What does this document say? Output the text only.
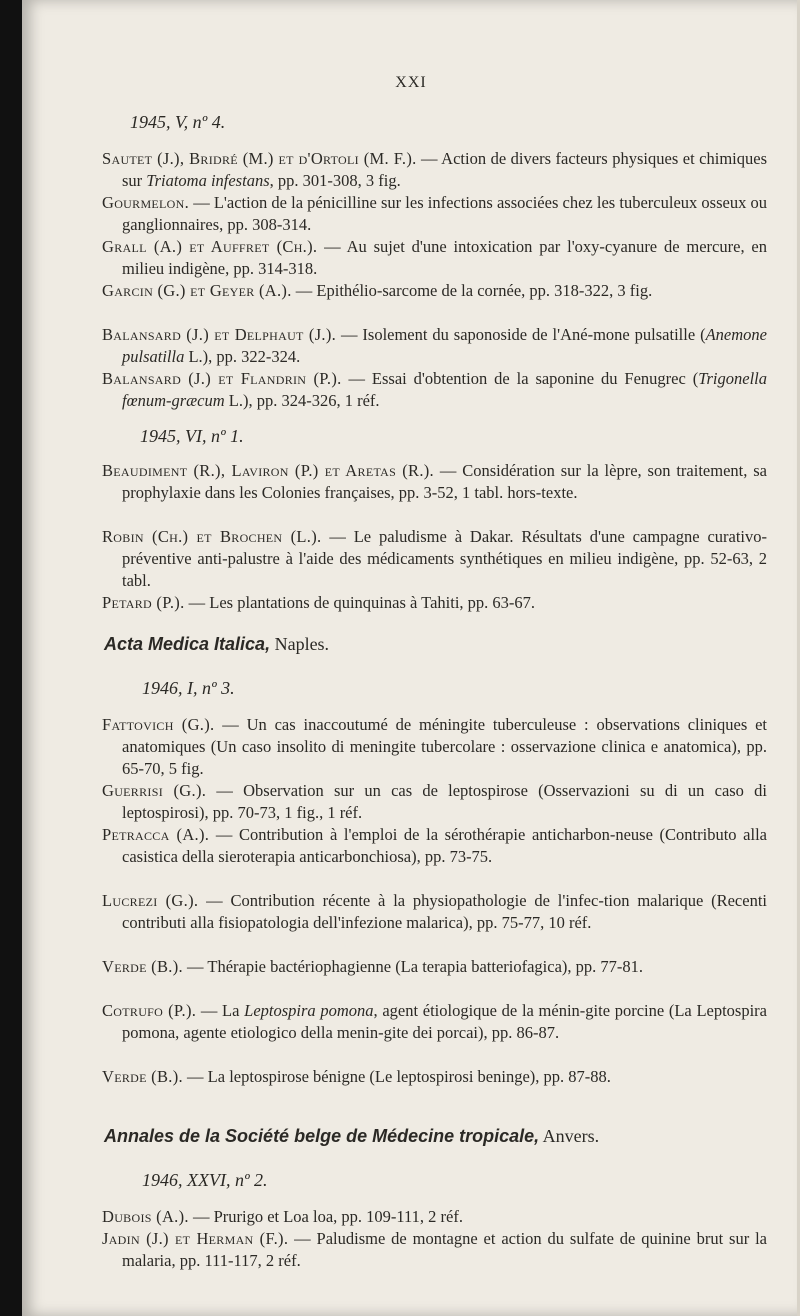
XXI
1945, V, nº 4.
Sautet (J.), Bridré (M.) et d'Ortoli (M. F.). — Action de divers facteurs physiques et chimiques sur Triatoma infestans, pp. 301-308, 3 fig.
Gourmelon. — L'action de la pénicilline sur les infections associées chez les tuberculeux osseux ou ganglionnaires, pp. 308-314.
Grall (A.) et Auffret (Ch.). — Au sujet d'une intoxication par l'oxy-cyanure de mercure, en milieu indigène, pp. 314-318.
Garcin (G.) et Geyer (A.). — Epithélio-sarcome de la cornée, pp. 318-322, 3 fig.
Balansard (J.) et Delphaut (J.). — Isolement du saponoside de l'Ané-mone pulsatille (Anemone pulsatilla L.), pp. 322-324.
Balansard (J.) et Flandrin (P.). — Essai d'obtention de la saponine du Fenugrec (Trigonella fœnum-græcum L.), pp. 324-326, 1 réf.
1945, VI, nº 1.
Beaudiment (R.), Laviron (P.) et Aretas (R.). — Considération sur la lèpre, son traitement, sa prophylaxie dans les Colonies françaises, pp. 3-52, 1 tabl. hors-texte.
Robin (Ch.) et Brochen (L.). — Le paludisme à Dakar. Résultats d'une campagne curativo-préventive anti-palustre à l'aide des médicaments synthétiques en milieu indigène, pp. 52-63, 2 tabl.
Petard (P.). — Les plantations de quinquinas à Tahiti, pp. 63-67.
Acta Medica Italica, Naples.
1946, I, nº 3.
Fattovich (G.). — Un cas inaccoutumé de méningite tuberculeuse : observations cliniques et anatomiques (Un caso insolito di meningite tubercolare : osservazione clinica e anatomica), pp. 65-70, 5 fig.
Guerrisi (G.). — Observation sur un cas de leptospirose (Osservazioni su di un caso di leptospirosi), pp. 70-73, 1 fig., 1 réf.
Petracca (A.). — Contribution à l'emploi de la sérothérapie anticharbon-neuse (Contributo alla casistica della sieroterapia anticarbonchiosa), pp. 73-75.
Lucrezi (G.). — Contribution récente à la physiopathologie de l'infec-tion malarique (Recenti contributi alla fisiopatologia dell'infezione malarica), pp. 75-77, 10 réf.
Verde (B.). — Thérapie bactériophagienne (La terapia batteriofagica), pp. 77-81.
Cotrufo (P.). — La Leptospira pomona, agent étiologique de la ménin-gite porcine (La Leptospira pomona, agente etiologico della menin-gite dei porcai), pp. 86-87.
Verde (B.). — La leptospirose bénigne (Le leptospirosi beninge), pp. 87-88.
Annales de la Société belge de Médecine tropicale, Anvers.
1946, XXVI, nº 2.
Dubois (A.). — Prurigo et Loa loa, pp. 109-111, 2 réf.
Jadin (J.) et Herman (F.). — Paludisme de montagne et action du sulfate de quinine brut sur la malaria, pp. 111-117, 2 réf.
